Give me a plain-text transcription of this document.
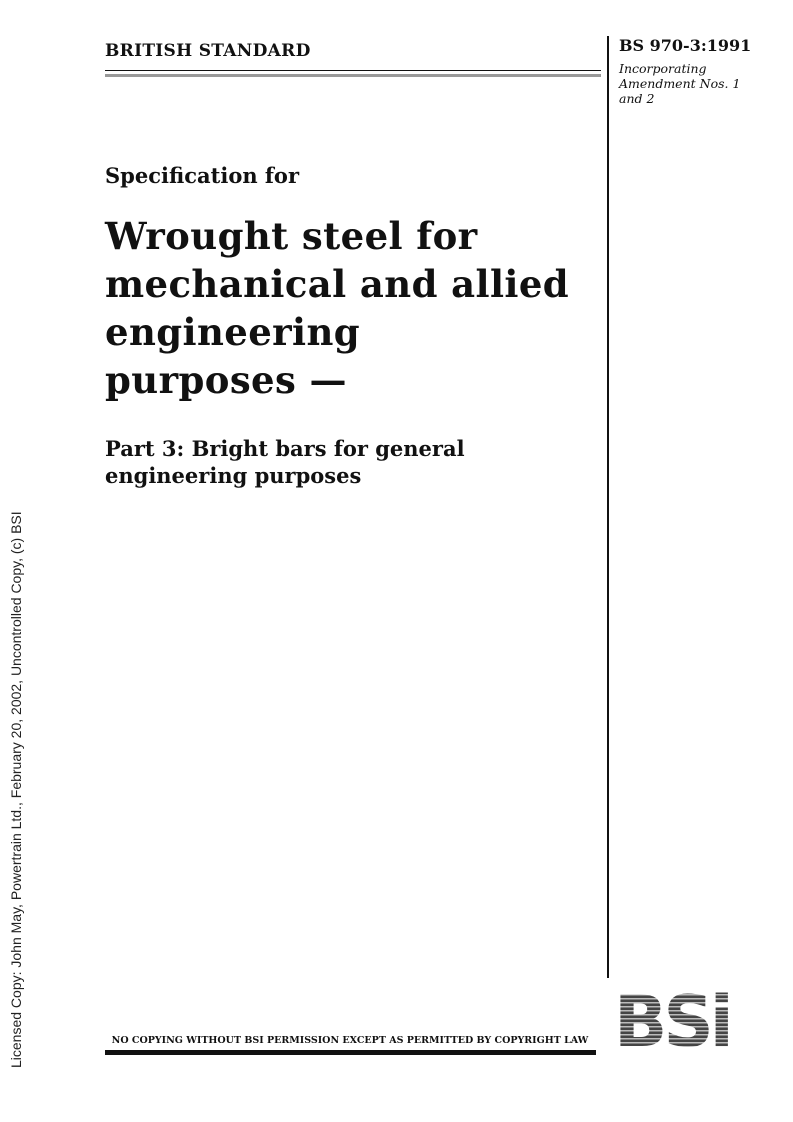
BRITISH STANDARD	BS 970-3:1991
Incorporating
Amendment Nos. 1
and 2
Specification for
Wrought steel for
mechanical and allied
engineering
purposes —
Part 3: Bright bars for general
engineering purposes
Licensed Copy: John May, Powertrain Ltd., February 20, 2002, Uncontrolled Copy, (c) BSI	NO COPYING WITHOUT BSI PERMISSION EXCEPT AS PERMITTED BY COPYRIGHT LAW BSi
